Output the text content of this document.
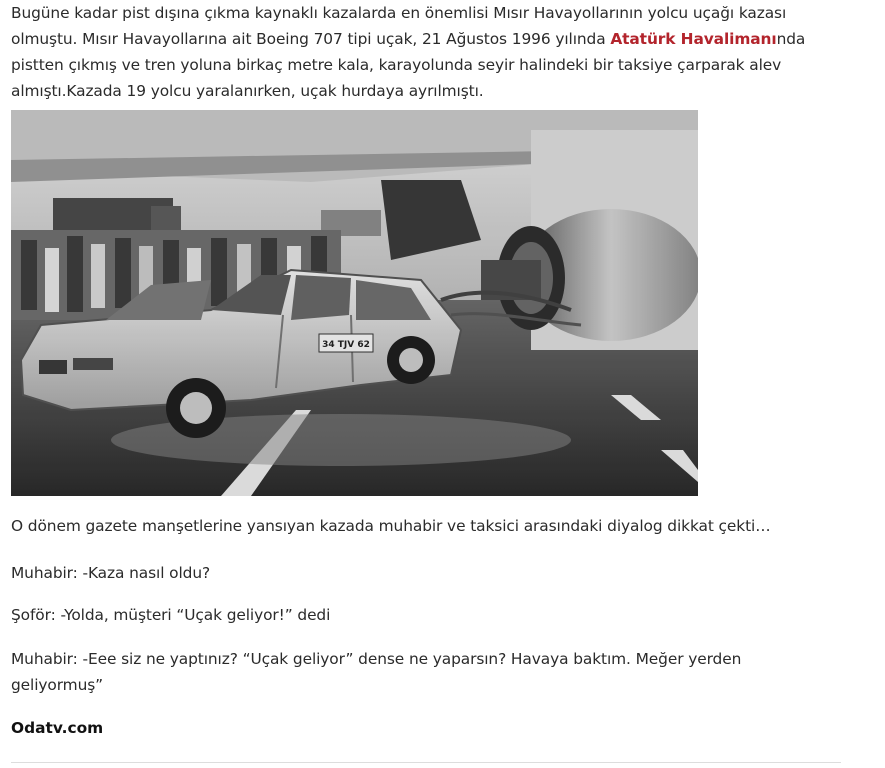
Bugüne kadar pist dışına çıkma kaynaklı kazalarda en önemlisi Mısır Havayollarının yolcu uçağı kazası olmuştu. Mısır Havayollarına ait Boeing 707 tipi uçak, 21 Ağustos 1996 yılında Atatürk Havalimanında pistten çıkmış ve tren yoluna birkaç metre kala, karayolunda seyir halindeki bir taksiye çarparak alev almıştı.Kazada 19 yolcu yaralanırken, uçak hurdaya ayrılmıştı.

34 TJV 62

O dönem gazete manşetlerine yansıyan kazada muhabir ve taksici arasındaki diyalog dikkat çekti…

Muhabir: -Kaza nasıl oldu?

Şoför: -Yolda, müşteri “Uçak geliyor!” dedi

Muhabir: -Eee siz ne yaptınız? “Uçak geliyor” dense ne yaparsın? Havaya baktım. Meğer yerden geliyormuş”

Odatv.com
